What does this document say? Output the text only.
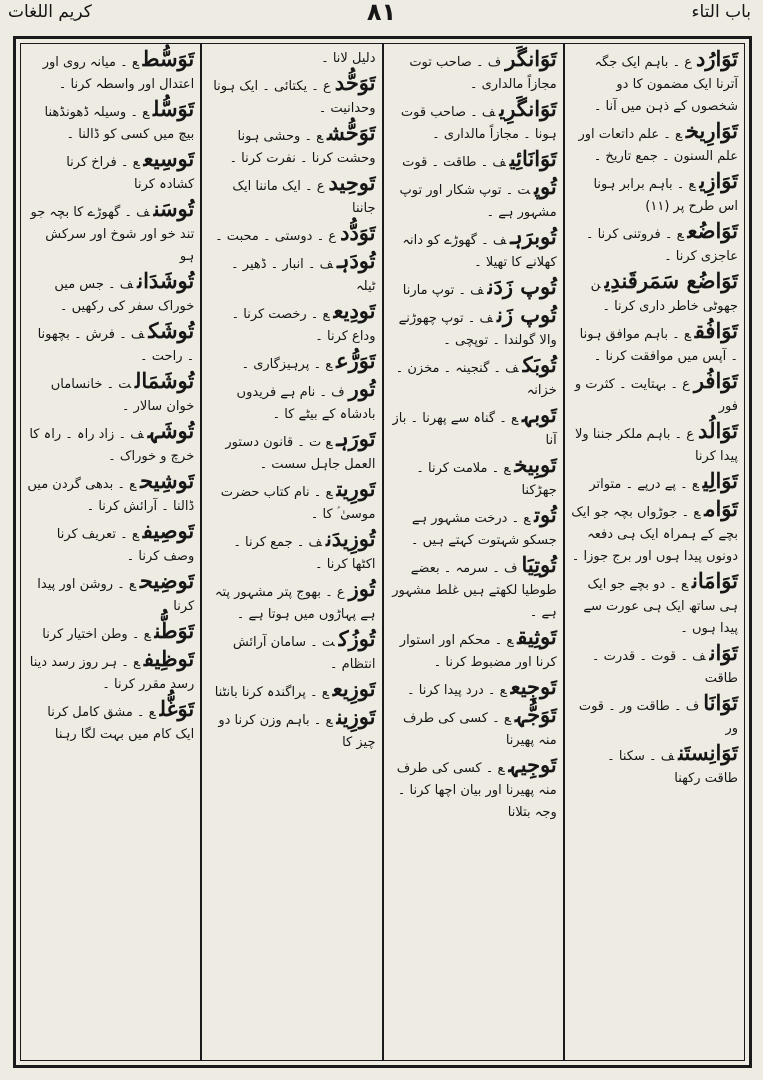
کریم اللغات	۸۱	باب التاء
تَوَارُدع ۔ باہم ایک جگہ آترنا ایک مضمون کا دو شخصوں کے ذہن میں آنا ۔
تَوَارِیخع ۔ علم داتعات اور علم السنون ۔ جمع تاریخ ۔
تَوَازِیع ۔ باہم برابر ہونا اس طرح پر (۱۱)
تَوَاضُعع ۔ فروتنی کرنا ۔ عاجزی کرنا ۔
تَوَاضُع سَمَرقَندِین جھوٹی خاطر داری کرنا ۔
تَوَافُقع ۔ باہم موافق ہونا ۔ آپس میں موافقت کرنا ۔
تَوَافُرع ۔ بہتایت ۔ کثرت و فور
تَوَالُدع ۔ باہم ملکر جننا ولا پیدا کرنا
تَوَالِیع ۔ پے درپے ۔ متواتر
تَوَامع ۔ جوڑواں بچہ جو ایک بچے کے ہمراہ ایک ہی دفعہ دونوں پیدا ہوں اور برج جوزا ۔
تَوَامَانع ۔ دو بچے جو ایک ہی ساتھ ایک ہی عورت سے پیدا ہوں ۔
تَوَانف ۔ قوت ۔ قدرت ۔ طاقت
تَوَانَاف ۔ طاقت ور ۔ قوت ور
تَوَانِستَنف ۔ سکنا ۔ طاقت رکھنا
تَوَانگَرف ۔ صاحب توت مجازاً مالداری ۔
تَوَانگَرِیف ۔ صاحب قوت ہونا ۔ مجازاً مالداری ۔
تَوَانَائِیف ۔ طاقت ۔ قوت
تُوپت ۔ توپ شکار اور توپ مشہور ہے ۔
تُوبرَہف ۔ گھوڑے کو دانہ کھلانے کا تھیلا ۔
تُوپ زَدَنف ۔ توپ مارنا
تُوپ زَنف ۔ توپ چھوڑنے والا گولندا ۔ توپچی ۔
تُوبَکف ۔ گنجینہ ۔ مخزن ۔ خزانہ
تَوبہع ۔ گناہ سے پھرنا ۔ باز آنا
تَوبِیخع ۔ ملامت کرنا ۔ جھڑکنا
تُوتع ۔ درخت مشہور ہے جسکو شہتوت کہتے ہیں ۔
تُوتِیَاف ۔ سرمہ ۔ بعضے طوطیا لکھتے ہیں غلط مشہور ہے ۔
تَوثِیقع ۔ محکم اور استوار کرنا اور مضبوط کرنا ۔
تَوجِیعع ۔ درد پیدا کرنا ۔
تَوَجُّہع ۔ کسی کی طرف منہ پھیرنا
تَوجِیہع ۔ کسی کی طرف منہ پھیرنا اور بیان اچھا کرنا ۔ وجہ بتلانا
دلیل لانا ۔
تَوَحُّدع ۔ یکتائی ۔ ایک ہونا وحدانیت ۔
تَوَحُّشع ۔ وحشی ہونا وحشت کرنا ۔ نفرت کرنا ۔
تَوحِیدع ۔ ایک ماننا ایک جاننا
تَوَدُّدع ۔ دوستی ۔ محبت ۔
تُودَہف ۔ انبار ۔ ڈھیر ۔ ٹیلہ
تَودِیعع ۔ رخصت کرنا ۔ وداع کرنا ۔
تَوَرُّعع ۔ پرہیزگاری ۔
تُورف ۔ نام ہے فریدوں بادشاہ کے بیٹے کا ۔
تَورَہع ت ۔ قانون دستور العمل جاہل سست ۔
تَورِیتع ۔ نام کتاب حضرت موسیٰ ؑ کا ۔
تُوزِیدَنف ۔ جمع کرنا ۔ اکٹھا کرنا ۔
تُوزع ۔ بھوج پتر مشہور پتہ ہے پہاڑوں میں ہوتا ہے ۔
تُوزُکت ۔ سامان آرائش انتظام ۔
تَوزِیعع ۔ پراگندہ کرنا بانٹنا
تَوزِینع ۔ باہم وزن کرنا دو چیز کا
تَوَسُّطع ۔ میانہ روی اور اعتدال اور واسطہ کرنا ۔
تَوَسُّلع ۔ وسیلہ ڈھونڈھنا بیچ میں کسی کو ڈالنا ۔
تَوسِیعع ۔ فراخ کرنا کشادہ کرنا
تُوسَنف ۔ گھوڑے کا بچہ جو تند خو اور شوخ اور سرکش ہو
تُوشَدَانف ۔ جس میں خوراک سفر کی رکھیں ۔
تُوشَکف ۔ فرش ۔ بچھونا ۔ راحت ۔
تُوشَمَالت ۔ خانساماں خوان سالار ۔
تُوشَہف ۔ زاد راہ ۔ راہ کا خرچ و خوراک ۔
تَوشِیحع ۔ بدھی گردن میں ڈالنا ۔ آرائش کرنا ۔
تَوصِیفع ۔ تعریف کرنا وصف کرنا ۔
تَوضِیحع ۔ روشن اور پیدا کرنا
تَوَطُّنع ۔ وطن اختیار کرنا
تَوظِیفع ۔ ہر روز رسد دینا رسد مقرر کرنا ۔
تَوَغُّلع ۔ مشق کامل کرنا ایک کام میں بہت لگا رہنا
